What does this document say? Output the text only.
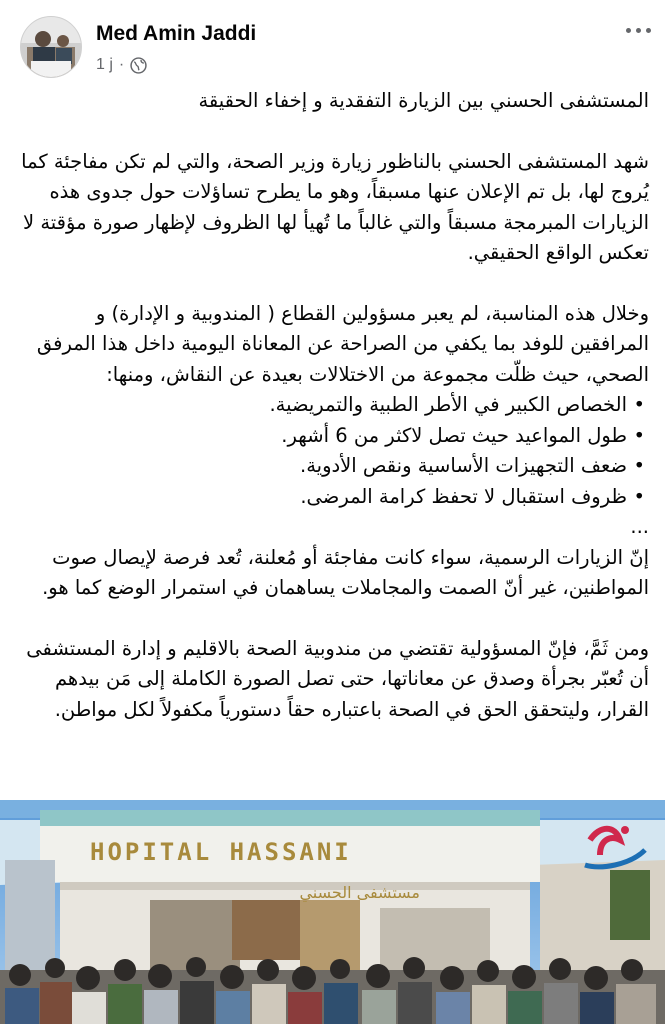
Med Amin Jaddi
1 j ·

المستشفى الحسني بين الزيارة التفقدية و إخفاء الحقيقة

شهد المستشفى الحسني بالناظور زيارة وزير الصحة، والتي لم تكن مفاجئة كما يُروج لها، بل تم الإعلان عنها مسبقاً، وهو ما يطرح تساؤلات حول جدوى هذه الزيارات المبرمجة مسبقاً والتي غالباً ما تُهيأ لها الظروف لإظهار صورة مؤقتة لا تعكس الواقع الحقيقي.

وخلال هذه المناسبة، لم يعبر مسؤولين القطاع ( المندوبية و الإدارة) و المرافقين للوفد بما يكفي من الصراحة عن المعاناة اليومية داخل هذا المرفق الصحي، حيث ظلّت مجموعة من الاختلالات بعيدة عن النقاش، ومنها:

• الخصاص الكبير في الأطر الطبية والتمريضية.
• طول المواعيد حيث تصل لاكثر من 6 أشهر.
• ضعف التجهيزات الأساسية ونقص الأدوية.
• ظروف استقبال لا تحفظ كرامة المرضى.

...

إنّ الزيارات الرسمية، سواء كانت مفاجئة أو مُعلنة، تُعد فرصة لإيصال صوت المواطنين، غير أنّ الصمت والمجاملات يساهمان في استمرار الوضع كما هو.

ومن ثَمَّ، فإنّ المسؤولية تقتضي من مندوبية الصحة بالاقليم و إدارة المستشفى أن تُعبّر بجرأة وصدق عن معاناتها، حتى تصل الصورة الكاملة إلى مَن بيدهم القرار، وليتحقق الحق في الصحة باعتباره حقاً دستورياً مكفولاً لكل مواطن.

HOPITAL HASSANI
مستشفى الحسني
